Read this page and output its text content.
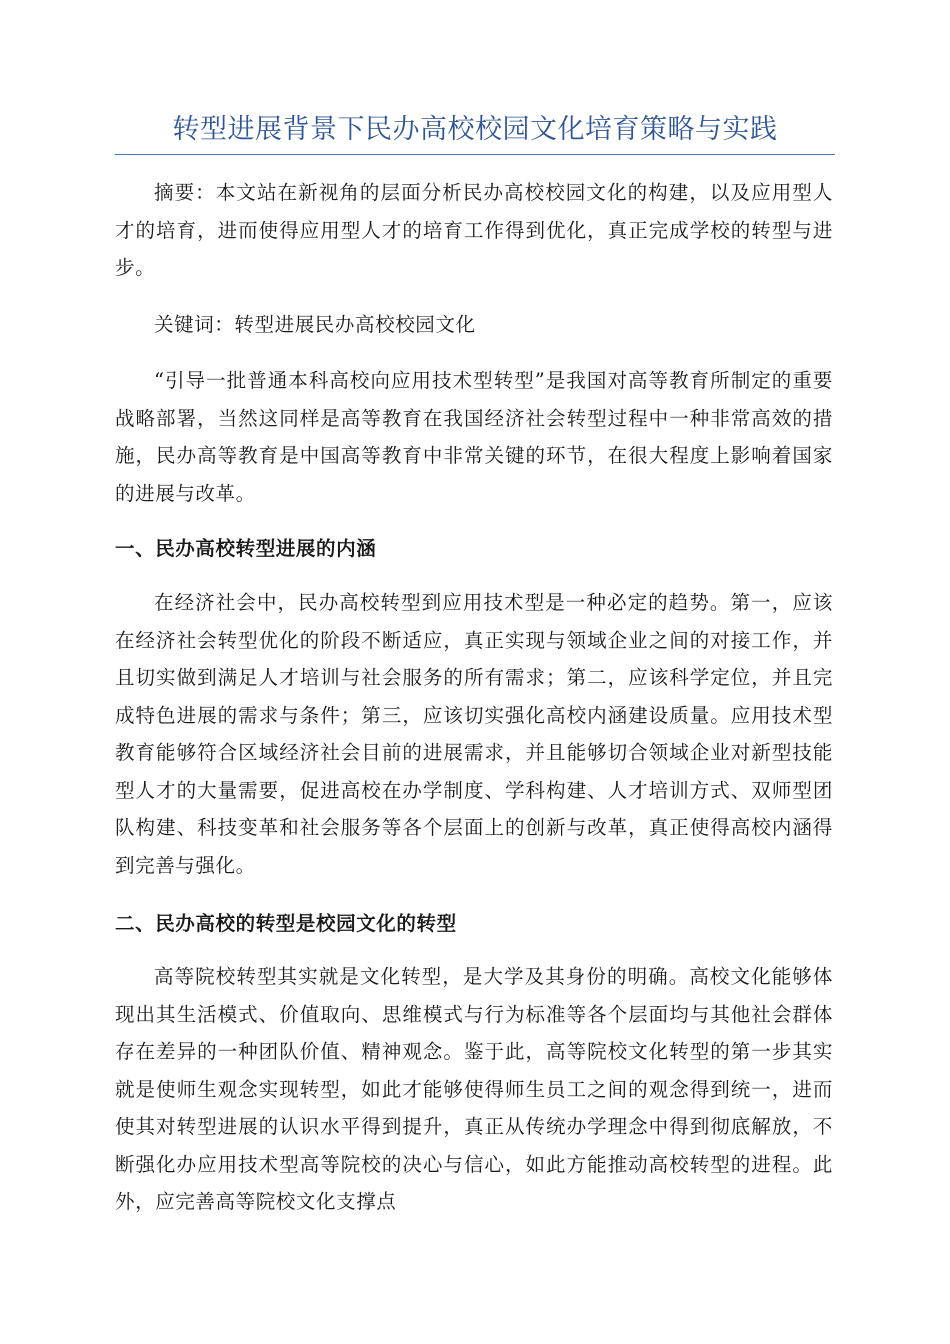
转型进展背景下民办高校校园文化培育策略与实践

摘要：本文站在新视角的层面分析民办高校校园文化的构建，以及应用型人才的培育，进而使得应用型人才的培育工作得到优化，真正完成学校的转型与进步。

关键词：转型进展民办高校校园文化

“引导一批普通本科高校向应用技术型转型”是我国对高等教育所制定的重要战略部署，当然这同样是高等教育在我国经济社会转型过程中一种非常高效的措施，民办高等教育是中国高等教育中非常关键的环节，在很大程度上影响着国家的进展与改革。

一、民办高校转型进展的内涵

在经济社会中，民办高校转型到应用技术型是一种必定的趋势。第一，应该在经济社会转型优化的阶段不断适应，真正实现与领域企业之间的对接工作，并且切实做到满足人才培训与社会服务的所有需求；第二，应该科学定位，并且完成特色进展的需求与条件；第三，应该切实强化高校内涵建设质量。应用技术型教育能够符合区域经济社会目前的进展需求，并且能够切合领域企业对新型技能型人才的大量需要，促进高校在办学制度、学科构建、人才培训方式、双师型团队构建、科技变革和社会服务等各个层面上的创新与改革，真正使得高校内涵得到完善与强化。

二、民办高校的转型是校园文化的转型

高等院校转型其实就是文化转型，是大学及其身份的明确。高校文化能够体现出其生活模式、价值取向、思维模式与行为标准等各个层面均与其他社会群体存在差异的一种团队价值、精神观念。鉴于此，高等院校文化转型的第一步其实就是使师生观念实现转型，如此才能够使得师生员工之间的观念得到统一，进而使其对转型进展的认识水平得到提升，真正从传统办学理念中得到彻底解放，不断强化办应用技术型高等院校的决心与信心，如此方能推动高校转型的进程。此外，应完善高等院校文化支撑点
